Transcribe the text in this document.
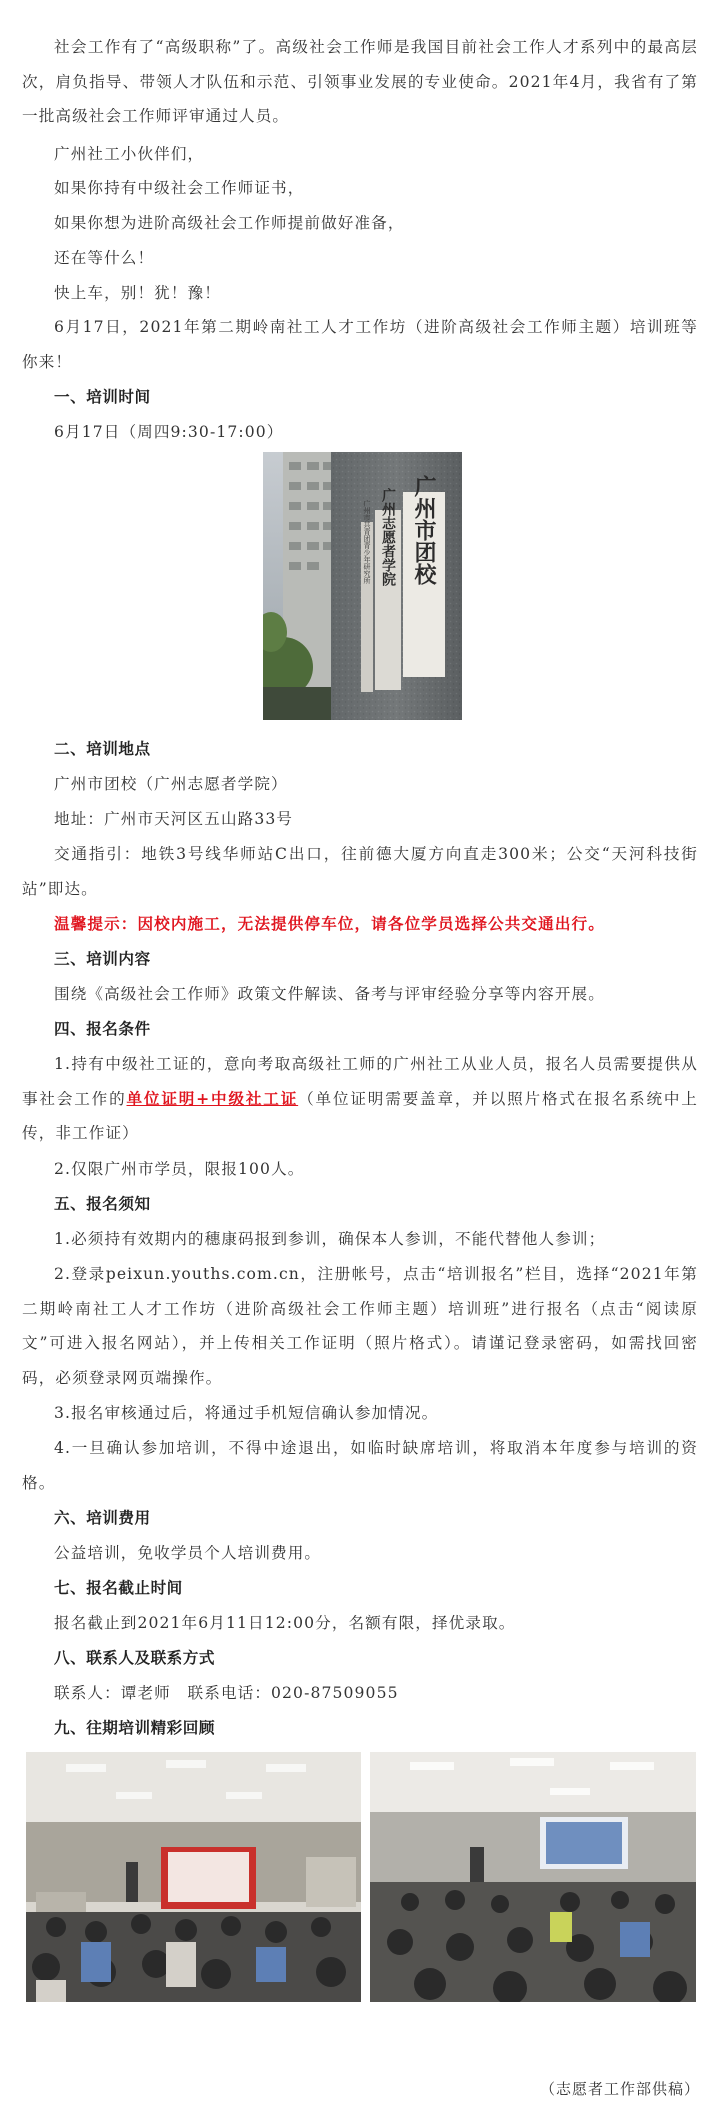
社会工作有了“高级职称”了。高级社会工作师是我国目前社会工作人才系列中的最高层次，肩负指导、带领人才队伍和示范、引领事业发展的专业使命。2021年4月，我省有了第一批高级社会工作师评审通过人员。

广州社工小伙伴们，

如果你持有中级社会工作师证书，

如果你想为进阶高级社会工作师提前做好准备，

还在等什么！

快上车，别！犹！豫！

6月17日，2021年第二期岭南社工人才工作坊（进阶高级社会工作师主题）培训班等你来！

一、培训时间

6月17日（周四9:30-17:00）

广州市团校
广州志愿者学院
广州市共青团青少年研究所

二、培训地点

广州市团校（广州志愿者学院）

地址：广州市天河区五山路33号

交通指引：地铁3号线华师站C出口，往前德大厦方向直走300米；公交“天河科技街站”即达。

温馨提示：因校内施工，无法提供停车位，请各位学员选择公共交通出行。

三、培训内容

围绕《高级社会工作师》政策文件解读、备考与评审经验分享等内容开展。

四、报名条件

1.持有中级社工证的，意向考取高级社工师的广州社工从业人员，报名人员需要提供从事社会工作的单位证明+中级社工证（单位证明需要盖章，并以照片格式在报名系统中上传，非工作证）

2.仅限广州市学员，限报100人。

五、报名须知

1.必须持有效期内的穗康码报到参训，确保本人参训，不能代替他人参训；

2.登录peixun.youths.com.cn，注册帐号，点击“培训报名”栏目，选择“2021年第二期岭南社工人才工作坊（进阶高级社会工作师主题）培训班”进行报名（点击“阅读原文”可进入报名网站），并上传相关工作证明（照片格式）。请谨记登录密码，如需找回密码，必须登录网页端操作。

3.报名审核通过后，将通过手机短信确认参加情况。

4.一旦确认参加培训，不得中途退出，如临时缺席培训，将取消本年度参与培训的资格。

六、培训费用

公益培训，免收学员个人培训费用。

七、报名截止时间

报名截止到2021年6月11日12:00分，名额有限，择优录取。

八、联系人及联系方式

联系人：谭老师　联系电话：020-87509055

九、往期培训精彩回顾

（志愿者工作部供稿）
